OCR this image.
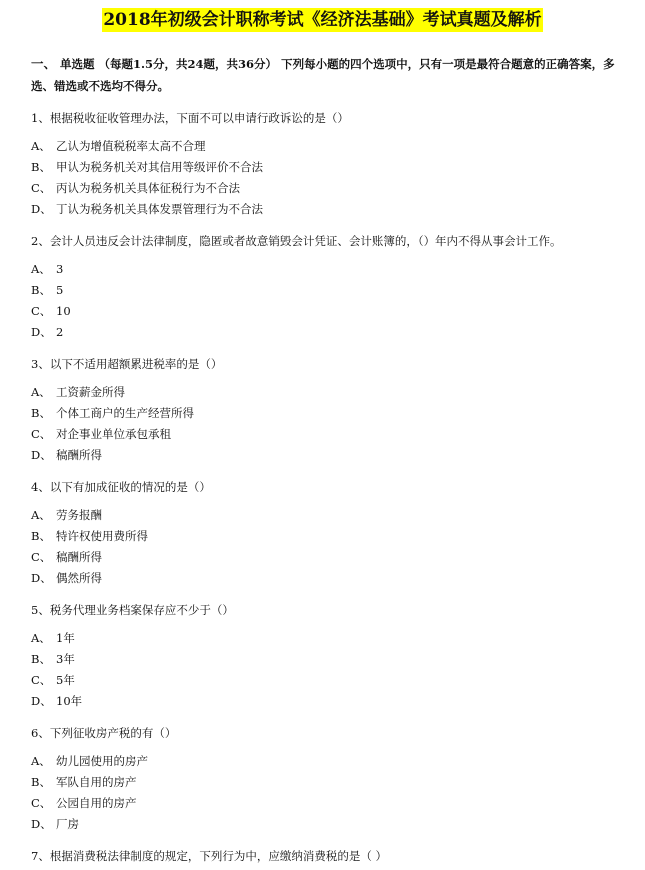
2018年初级会计职称考试《经济法基础》考试真题及解析
一、 单选题 （每题1.5分，共24题，共36分） 下列每小题的四个选项中，只有一项是最符合题意的正确答案，多选、错选或不选均不得分。
1、根据税收征收管理办法，下面不可以申请行政诉讼的是（）
A、 乙认为增值税税率太高不合理
B、 甲认为税务机关对其信用等级评价不合法
C、 丙认为税务机关具体征税行为不合法
D、 丁认为税务机关具体发票管理行为不合法
2、会计人员违反会计法律制度，隐匿或者故意销毁会计凭证、会计账簿的，（）年内不得从事会计工作。
A、 3
B、 5
C、 10
D、 2
3、以下不适用超额累进税率的是（）
A、 工资薪金所得
B、 个体工商户的生产经营所得
C、 对企事业单位承包承租
D、 稿酬所得
4、以下有加成征收的情况的是（）
A、 劳务报酬
B、 特许权使用费所得
C、 稿酬所得
D、 偶然所得
5、税务代理业务档案保存应不少于（）
A、 1年
B、 3年
C、 5年
D、 10年
6、下列征收房产税的有（）
A、 幼儿园使用的房产
B、 军队自用的房产
C、 公园自用的房产
D、 厂房
7、根据消费税法律制度的规定，下列行为中，应缴纳消费税的是（ ）
